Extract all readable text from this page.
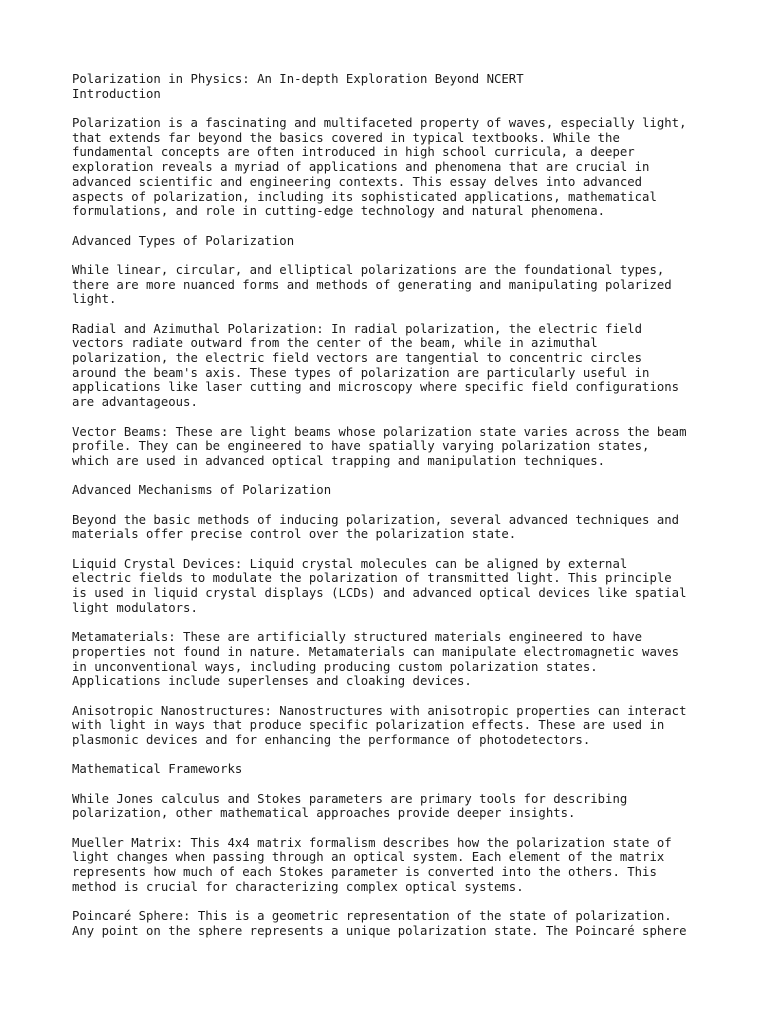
Polarization in Physics: An In-depth Exploration Beyond NCERT
Introduction
Polarization is a fascinating and multifaceted property of waves, especially light,
that extends far beyond the basics covered in typical textbooks. While the
fundamental concepts are often introduced in high school curricula, a deeper
exploration reveals a myriad of applications and phenomena that are crucial in
advanced scientific and engineering contexts. This essay delves into advanced
aspects of polarization, including its sophisticated applications, mathematical
formulations, and role in cutting-edge technology and natural phenomena.
Advanced Types of Polarization
While linear, circular, and elliptical polarizations are the foundational types,
there are more nuanced forms and methods of generating and manipulating polarized
light.
Radial and Azimuthal Polarization: In radial polarization, the electric field
vectors radiate outward from the center of the beam, while in azimuthal
polarization, the electric field vectors are tangential to concentric circles
around the beam's axis. These types of polarization are particularly useful in
applications like laser cutting and microscopy where specific field configurations
are advantageous.
Vector Beams: These are light beams whose polarization state varies across the beam
profile. They can be engineered to have spatially varying polarization states,
which are used in advanced optical trapping and manipulation techniques.
Advanced Mechanisms of Polarization
Beyond the basic methods of inducing polarization, several advanced techniques and
materials offer precise control over the polarization state.
Liquid Crystal Devices: Liquid crystal molecules can be aligned by external
electric fields to modulate the polarization of transmitted light. This principle
is used in liquid crystal displays (LCDs) and advanced optical devices like spatial
light modulators.
Metamaterials: These are artificially structured materials engineered to have
properties not found in nature. Metamaterials can manipulate electromagnetic waves
in unconventional ways, including producing custom polarization states.
Applications include superlenses and cloaking devices.
Anisotropic Nanostructures: Nanostructures with anisotropic properties can interact
with light in ways that produce specific polarization effects. These are used in
plasmonic devices and for enhancing the performance of photodetectors.
Mathematical Frameworks
While Jones calculus and Stokes parameters are primary tools for describing
polarization, other mathematical approaches provide deeper insights.
Mueller Matrix: This 4x4 matrix formalism describes how the polarization state of
light changes when passing through an optical system. Each element of the matrix
represents how much of each Stokes parameter is converted into the others. This
method is crucial for characterizing complex optical systems.
Poincaré Sphere: This is a geometric representation of the state of polarization.
Any point on the sphere represents a unique polarization state. The Poincaré sphere
